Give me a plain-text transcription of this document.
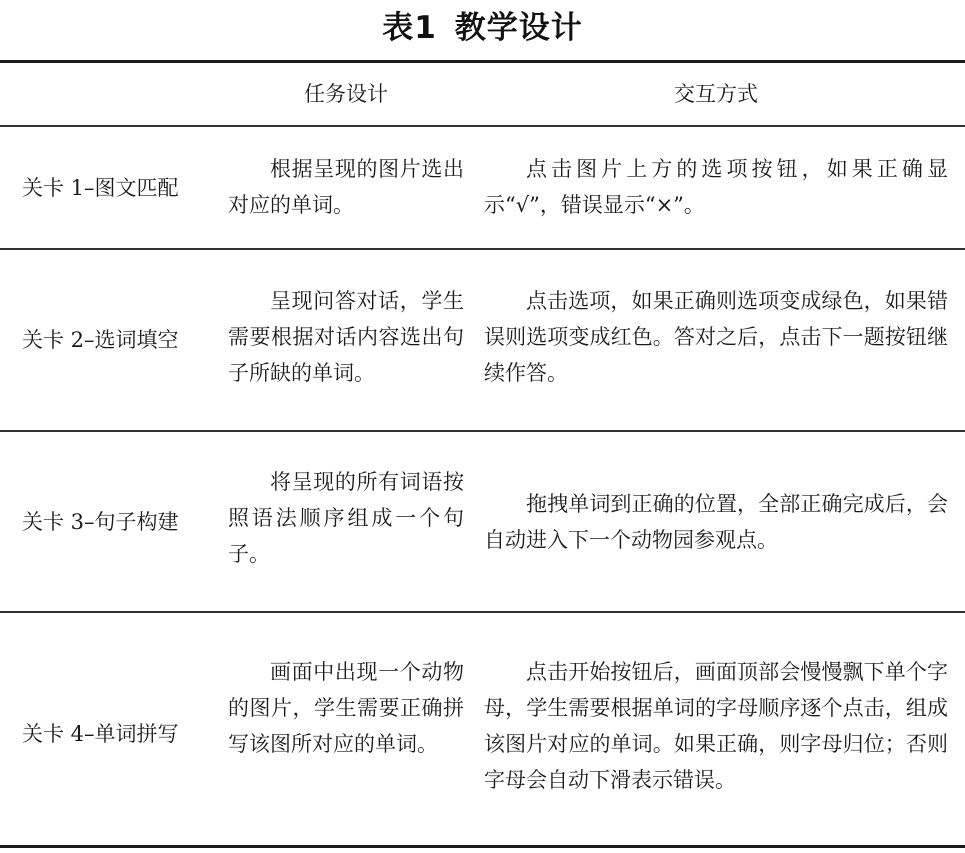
表1 教学设计
任务设计	交互方式
关卡 1–图文匹配
根据呈现的图片选出对应的单词。
点击图片上方的选项按钮，如果正确显示“√”，错误显示“×”。
关卡 2–选词填空
呈现问答对话，学生需要根据对话内容选出句子所缺的单词。
点击选项，如果正确则选项变成绿色，如果错误则选项变成红色。答对之后，点击下一题按钮继续作答。
关卡 3–句子构建
将呈现的所有词语按照语法顺序组成一个句子。
拖拽单词到正确的位置，全部正确完成后，会自动进入下一个动物园参观点。
关卡 4–单词拼写
画面中出现一个动物的图片，学生需要正确拼写该图所对应的单词。
点击开始按钮后，画面顶部会慢慢飘下单个字母，学生需要根据单词的字母顺序逐个点击，组成该图片对应的单词。如果正确，则字母归位；否则字母会自动下滑表示错误。
